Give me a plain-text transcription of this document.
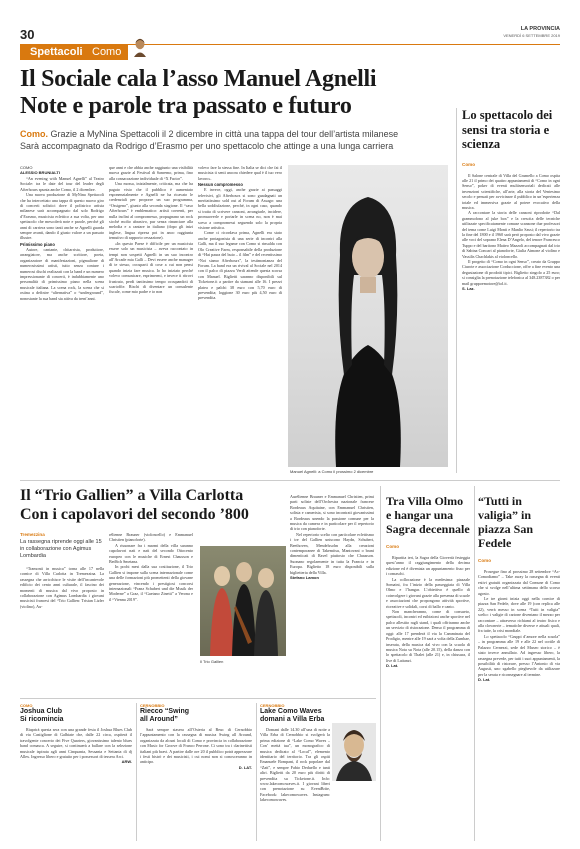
30	LA PROVINCIA
VENERDÌ 6 SETTEMBRE 2019
Spettacoli Como
Il Sociale cala l’asso Manuel Agnelli
Note e parole tra passato e futuro
Como. Grazie a MyNina Spettacoli il 2 dicembre in città una tappa del tour dell’artista milanese
Sarà accompagnato da Rodrigo d’Erasmo per uno spettacolo che attinge a una lunga carriera
COMO
ALESSIO BRUNIALTI
“An evening with Manuel Agnelli” al Teatro Sociale: tra le date del tour del leader degli Afterhours spunta anche Como, il 2 dicembre.
Una nuova produzione di MyNina Spettacoli che ha intercettato una tappa di questo nuovo giro di concerti solistici dove il polistrico artista milanese sarà accompagnato dal solo Rodrigo d’Erasmo, musicista eclettico a sua volta, per uno spettacolo che mescolerà note e parole, perché gli anni di carriera sono tanti anche se Agnelli guarda sempre avanti, dando il giusto valore a un passato illustre.
Primissimo piano
Autore, cantante, chitarrista, produttore, arrangiatore, ma anche scrittore, poeta, organizzatore di manifestazioni, pigmalione di numerosissimi artisti, tutto senza contare i numerosi dischi realizzati con la band e un numero impressionante di concerti, è indubbiamente uno personalità di primissimo piano nella scena musicale italiana. La scena rock, la scena che si ostina a definire “alternativa” o “underground”, nonostante la sua band sia attiva da trent’anni.
que anni e che abbia anche raggiunto una visibilità nuova grazie al Festival di Sanremo, prima, fino alla consacrazione individuale di “X Factor”.
Una mossa, inizialmente, criticata, ma che ha pagato visto che il pubblico è aumentato esponenzialmente e Agnelli ne ha ricavato le credenziali per proporre un suo programma, “Ossigeno”, giunto alla seconda stagione. Il “caso Afterhours” è emblematico: artisti coerenti, per nulla inclini al compromesso, propugnano un rock sicché molto abrasivo, pur senza rinunciare alla melodia e a cantare in italiano (dopo gli inizi inglese, lingua ripresa poi in anco raggiunta temutivo di rapporto cessazione).
«In questo Paese è difficile per un musicista essere solo un musicista – aveva raccontato in tempi non sospetti Agnelli in un suo incontro all’Arcade mia Galli – Devi essere anche manager di te stesso, occuparti di cose a cui non pensi quando inizia fare musica. Io ho iniziato perché volevo comunicare, esprimermi, e invece ti ritrovi frustrato, perdi tantissimo tempo occupandoti di scartoffie. Rischi di diventare un consulente fiscale, come mio padre e io non
volevo fare la stessa fine. In Italia se dici che fai il musicista ti senti ancora chiedere qual è il tuo vero lavoro».
Nessun compromesso
E invece, oggi, anche grazie ai passaggi televisivi, gli Afterhours si sono guadagnati un meritatissimo sold out al Forum di Assago: una bella soddisfazione, perché, in ogni caso, quando si tratta di scrivere canzoni, arrangiarle, incidere, promuoverle e portarle in scena no, non è mai sceso a compromessi seguendo solo la propria visione artistica.
Come ci ricordava prima, Agnelli era stato anche protagonista di una serie di incontri alla Galli, ma il suo legame con Como si rinsalda con Olo Creative Farm, responsabile della produzione di “Hai paura del buio – il film” e del recentissimo “Noi siamo Afterhours”, la testimonianza del Forum. La band era un rivival al Sociale nel 2014 con il palco di piazza Verdi attende questa scorsa con Manuel. Biglietti saranno disponibili sul Ticketone.it a partire da stamani alle 16. I prezzi platea e palchi 38 euro con 5,70 euro di prevendita; loggione 30 euro più 4,50 euro di prevendita.
Manuel Agnelli: a Como il prossimo 2 dicembre
Lo spettacolo dei sensi tra storia e scienza
Como
Il Salone centrale di Villa del Grumello a Como ospita alle 21 il primo dei quattro appuntamenti di “Como in ogni Senso”, poker di eventi multisensoriali dedicati alle invenzioni scientifiche, all’arte, alla storia del Ventesimo secolo e pensati per avvicinare il pubblico in un’esperienza totale ed immersiva grazie al potere evocativo della musica.
A raccontare la storia delle canzoni riprodotte “Dal grammofono al juke box” e la crescita delle tecniche utilizzate specificatamente comase scanzone due professori del tema come Luigi Monti e Manlio Sassi; il repertorio tra la fine del 1800 e il 1960 sarà però proposto dal vivo grazie alle voci del soprano Elena D’Angelo, del tenore Francesco Tuppo e del baritono Matteo Mazzoli accompagnati dal trio di Sabina Concari al pianoforte, Giulia Aimone al violino e Vassilis Chachlakis al violoncello.
Il progetto di “Como in ogni Senso”, creato da Gruppo Ciurote e associazione Corduccione, offre a fine evento una degustazione di prodotti tipici. Biglietto singolo a 25 euro; si consiglia la prenotazione telefonica al 348.2387382 o per mail gruppoemotore@iol.it.
S. Laz.
Il “Trio Gallien” a Villa Carlotta
Con i capolavori del secondo ’800
Tremezzina
La rassegna riprende oggi alle 15 in collaborazione con Agimus Lombardia
“Tramonti in musica” torna alle 17 nella cornice di Villa Carlotta in Tremezzina. La rassegna che arricchisce le visite dell’incantevole edificio dei cento anni culturale, il fascino dei momenti di musica dal vivo proposto in collaborazione con Agimus Lombardia i giovani musicisti francesi del “Trio Gallien: Tristan Lizler (violino), Au-
rélienne Brauner (violoncello) e Emmanuel Christien (pianoforte).
A risuonare fra i marmi della villa saranno capolavori nati e nati del secondo Ottocento europeo con le musiche di Ernest Chausson e Bedřich Smetana.
In pochi mesi dalla sua costituzione, il Trio Gallien si impone sulla scena internazionale come una delle formazioni più promettenti della giovane generazione, vincendo i prestigiosi concorsi internazionali “Franz Schubert und die Musik der Moderne” a Graz, il “Gaetano Zinetti” a Verona e il “Vienna 2019”.
Il Trio Gallien
Aurélienne Brauner e Emmanuel Christien, primi parti soliste dell’Orchestra nazionale francese Bordeaux Aquitaine, con Emmanuel Christien, solista e cameristа, si sono incontrati giovanissimi a Bordeaux unendo la passione comune per la musica da camera e in particolare per il repertorio di trio con pianoforte.
Nel repertorio scelto con particolare eclettismo i tre del Gallien uniscono Haydn, Schubert, Beethoven, Mendelssohn alla creazioni contemporanee di Takemitsu, Mantovani o brani dimenticati di Ravel piuttosto che Chausson. Suonano regolarmente in tutta la Francia e in Europa. Biglietto 18 euro disponibili sulla biglietteria della Villa.
Stefano Lamon
Tra Villa Olmo e hangar una Sagra decennale
Como
Ripartita ieri, la Sagra della Giovertà festeggia quest’anno il raggiungimento della decima edizione ed è diventata un appuntamento fisso per i comaschi.
La collocazione è la medesima: piazzale Somaini, fra l’inizio della passeggiata di Villa Olmo e l’hangar. L’obiettivo è quello di coinvolgere i giovani grazie alla presenza di scuole e associazioni che propongono attività sportive, ricreative e solidali, corsi di ballo e canto.
Non mancheranno, come di consueto, spettacoli, incontri ed esibizioni anche sportive nel palco allestito ragli stand, i quali offriranno anche un servizio di ristorazione. Denso il programma di oggi: alle 17 prenderà il via la Camminata del Prodigio, mentre alle 19 sarà a volta della Zumbae, inserata, della musica dal vivo con la scuola di musica Nota su Nota (alle 20.15), della danza con lo spettacolo di Thalet (alle 21) e, in chiusura, il live di Lattanzi.
D. Lat.
“Tutti in valigia” in piazza San Fedele
Como
Prosegue fino al prossimo 28 settembre “Ac-Comodiamo” – Take away la rassegna di eventi estivi gratuiti organizzata dal Comune di Como che si svolge nell’ultima settimana dello scorso agosto.
Le tre giorni inizia oggi nella cornice di piazza San Fedele, dove alle 19 (con replica alle 22), verrà messo in scena “Tutti in valigia” scelto: i valigie di cartone diventano il mezzo per raccontare – attraverso richiami al teatro fisico e alla clownerie – tematiche diverse e attuali quali, fra tutte, la crisi mondiale.
Lo spettacolo “Gruppi d’amore nella scuola” – in programma alle 19 e alle 22 nel cortile di Palazzo Cernezzi, sede del Museo storico – è stato invece annullato. Ad ingresso libero, la rassegna prevede, per tutti i suoi appuntamenti, la possibilità di ristorare, presso l’Antonio di via Augusti, uno sgabello pieghevole da utilizzare per la serata e riconsegnare al termine.
D. Lat.
COMO
Joshua Club
Si ricomincia
Riaprirà questa sera con una grande festa il Joshua Blues Club di via Castiglione di Galbiate che, dalle 22 circa, ospiterà il travolgente concerto dei Five Quarters, giovanissimo talento blues band comasca. A seguire, si continuerà a ballare con la selezione musicale ispirata agli anni Cinquanta, Sessanta e Settanta di dj Allex. Ingresso libero e gratuito per i possessori di tessera Arci.
ARW.
CERNOBBIO
Riecco “Swing
all Around”
Sarà sempre stasera all’Osteria al Beuc di Cernobbio l’appuntamento con la rassegna di musica Swing all Around, organizzata da alcuni locali di Como e provincia in collaborazione con Music for Groove di Franco Perrone. Ci sono tra i clarinettisti italiani più bravi. A partire dalle ore 20 il pubblico potrà apprezzare i festi bistrò e dei musicisti, i cui nomi non si conosceranno in anticipo.
D. LAT.
CERNOBBIO
Lake Como Waves
domani a Villa Erba
Domani dalle 14.30 all’una di notte a Villa Erba di Cernobbio si svolgerà la prima edizione di “Lake Como Waves – Con’ mettà tua”, un monografico di musica dedicato al “Local”, elemento identitario del territorio. Tra gli ospiti Emanuele Bompani, il rock popolare dal “Zatt”, e sempre Fabio Deduello e tanti altri. Biglietti da 20 euro più diritti di prevendita su Ticketone.it. Info: www.lakecomowaves.it. I giovani liberi con prenotazione su EventBrite, Facebook: lakecomowaves. Instagram: lakecomowaves.
